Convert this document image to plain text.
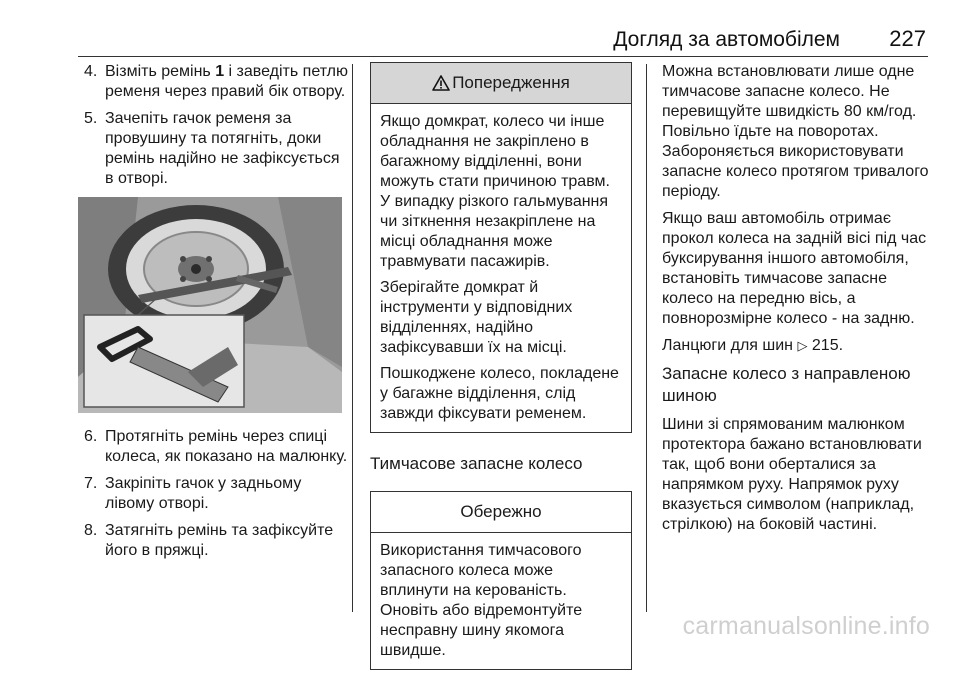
Догляд за автомобілем 227
4. Візміть ремінь 1 і заведіть петлю ременя через правий бік отвору.
5. Зачепіть гачок ременя за провушину та потягніть, доки ремінь надійно не зафіксується в отворі.
6. Протягніть ремінь через спиці колеса, як показано на малюнку.
7. Закріпіть гачок у задньому лівому отворі.
8. Затягніть ремінь та зафіксуйте його в пряжці.
Попередження

Якщо домкрат, колесо чи інше обладнання не закріплено в багажному відділенні, вони можуть стати причиною травм. У випадку різкого гальмування чи зіткнення незакріплене на місці обладнання може травмувати пасажирів.

Зберігайте домкрат й інструменти у відповідних відділеннях, надійно зафіксувавши їх на місці.

Пошкоджене колесо, покладене у багажне відділення, слід завжди фіксувати ременем.

Тимчасове запасне колесо
Обережно

Використання тимчасового запасного колеса може вплинути на керованість. Оновіть або відремонтуйте несправну шину якомога швидше.

Можна встановлювати лише одне тимчасове запасне колесо. Не перевищуйте швидкість 80 км/год. Повільно їдьте на поворотах. Забороняється використовувати запасне колесо протягом тривалого періоду.

Якщо ваш автомобіль отримає прокол колеса на задній вісі під час буксирування іншого автомобіля, встановіть тимчасове запасне колесо на передню вісь, а повнорозмірне колесо - на задню.

Ланцюги для шин ▷ 215.

Запасне колесо з направленою шиною

Шини зі спрямованим малюнком протектора бажано встановлювати так, щоб вони оберталися за напрямком руху. Напрямок руху вказується символом (наприклад, стрілкою) на боковій частині.

carmanualsonline.info
